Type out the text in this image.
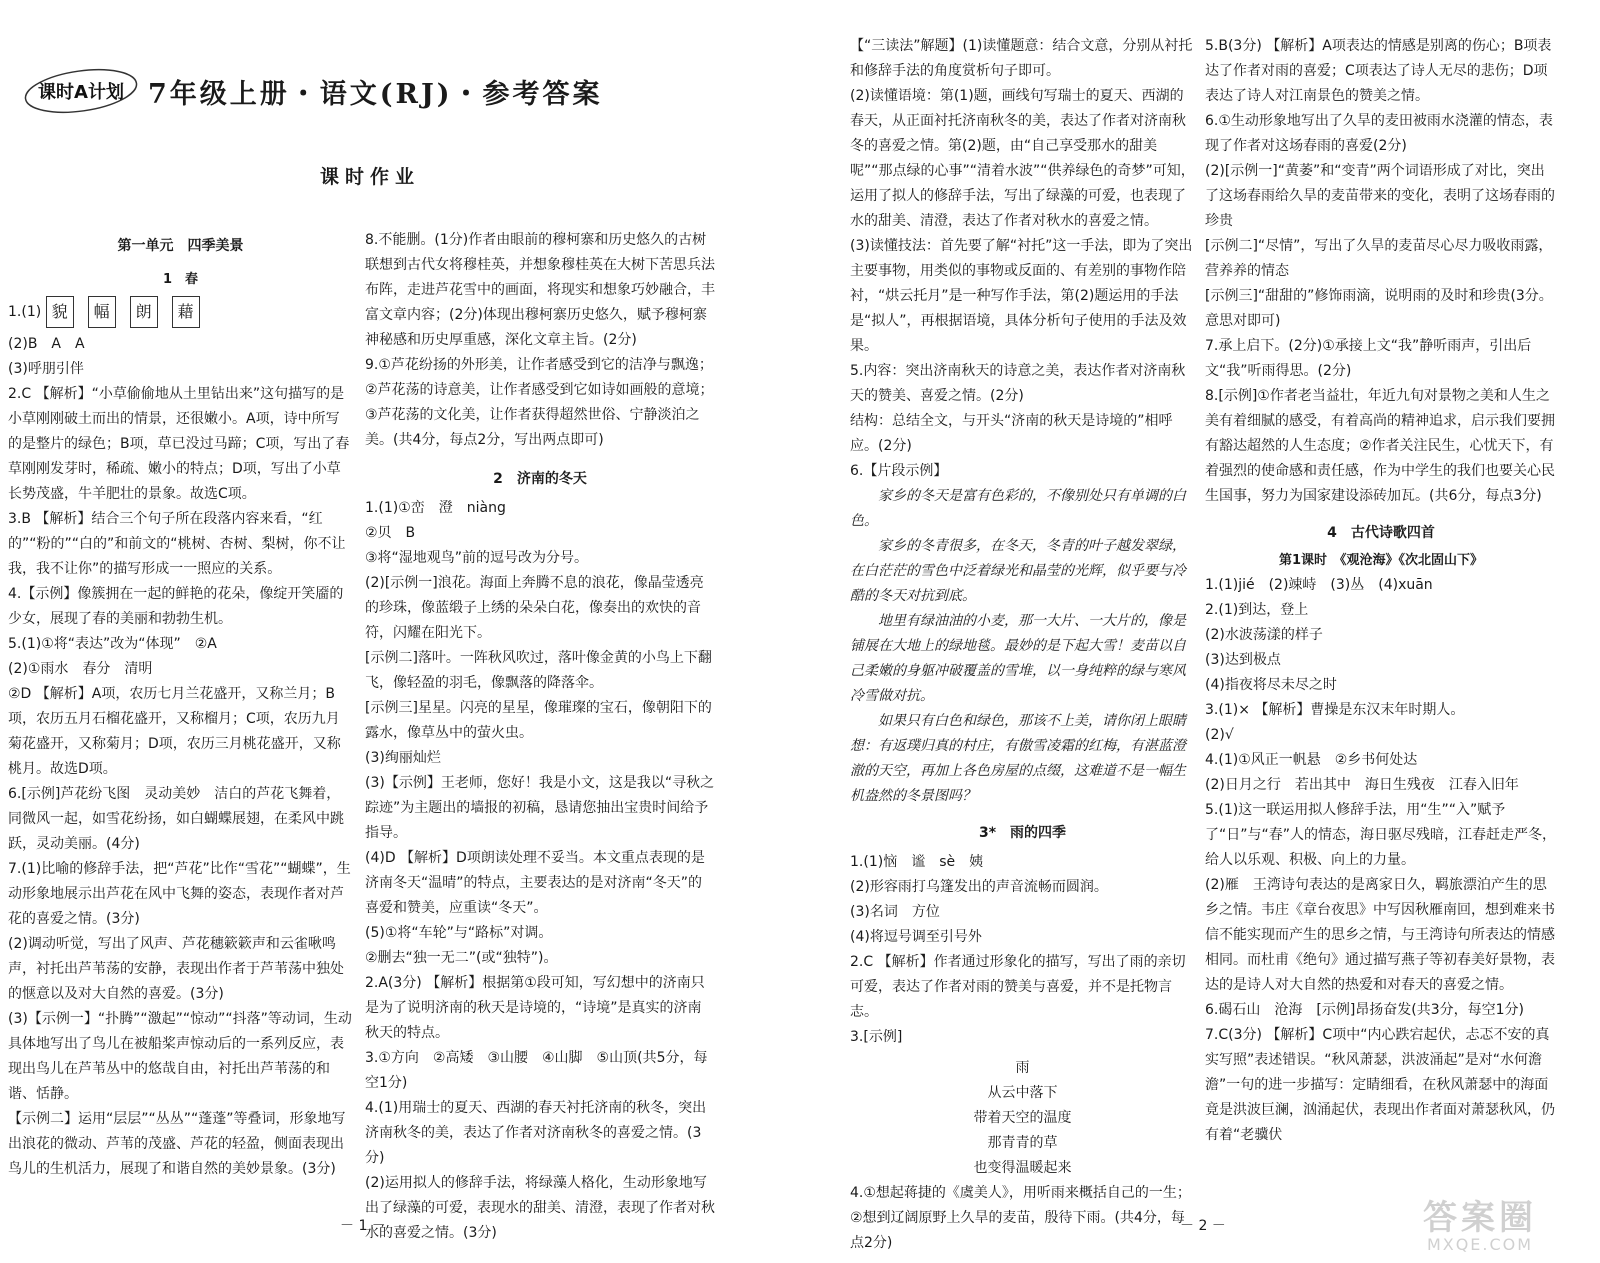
课时A计划 7年级上册・语文(RJ)・参考答案
课时作业

第一单元　四季美景

1　春

1.(1) 貌 幅 朗 藉

(2)B　A　A

(3)呼朋引伴

2.C 【解析】“小草偷偷地从土里钻出来”这句描写的是小草刚刚破土而出的情景，还很嫩小。A项，诗中所写的是整片的绿色；B项，草已没过马蹄；C项，写出了春草刚刚发芽时，稀疏、嫩小的特点；D项，写出了小草长势茂盛，牛羊肥壮的景象。故选C项。

3.B 【解析】结合三个句子所在段落内容来看，“红的”“粉的”“白的”和前文的“桃树、杏树、梨树，你不让我，我不让你”的描写形成一一照应的关系。

4.【示例】像簇拥在一起的鲜艳的花朵，像绽开笑靥的少女，展现了春的美丽和勃勃生机。

5.(1)①将“表达”改为“体现”　②A

(2)①雨水　春分　清明

②D 【解析】A项，农历七月兰花盛开，又称兰月；B项，农历五月石榴花盛开，又称榴月；C项，农历九月菊花盛开，又称菊月；D项，农历三月桃花盛开，又称桃月。故选D项。

6.[示例]芦花纷飞图　灵动美妙　洁白的芦花飞舞着，同微风一起，如雪花纷扬，如白蝴蝶展翅，在柔风中跳跃，灵动美丽。(4分)

7.(1)比喻的修辞手法，把“芦花”比作“雪花”“蝴蝶”，生动形象地展示出芦花在风中飞舞的姿态，表现作者对芦花的喜爱之情。(3分)

(2)调动听觉，写出了风声、芦花穗簌簌声和云雀啾鸣声，衬托出芦苇荡的安静，表现出作者于芦苇荡中独处的惬意以及对大自然的喜爱。(3分)

(3)【示例一】“扑腾”“激起”“惊动”“抖落”等动词，生动具体地写出了鸟儿在被船桨声惊动后的一系列反应，表现出鸟儿在芦苇丛中的悠哉自由，衬托出芦苇荡的和谐、恬静。

【示例二】运用“层层”“丛丛”“蓬蓬”等叠词，形象地写出浪花的微动、芦苇的茂盛、芦花的轻盈，侧面表现出鸟儿的生机活力，展现了和谐自然的美妙景象。(3分)

8.不能删。(1分)作者由眼前的穆柯寨和历史悠久的古树联想到古代女将穆桂英，并想象穆桂英在大树下苦思兵法布阵，走进芦花雪中的画面，将现实和想象巧妙融合，丰富文章内容；(2分)体现出穆柯寨历史悠久，赋予穆柯寨神秘感和历史厚重感，深化文章主旨。(2分)

9.①芦花纷扬的外形美，让作者感受到它的洁净与飘逸；②芦花荡的诗意美，让作者感受到它如诗如画般的意境；③芦花荡的文化美，让作者获得超然世俗、宁静淡泊之美。(共4分，每点2分，写出两点即可)

2　济南的冬天

1.(1)①峦　澄　niàng

②贝　B

③将“湿地观鸟”前的逗号改为分号。

(2)[示例一]浪花。海面上奔腾不息的浪花，像晶莹透亮的珍珠，像蓝缎子上绣的朵朵白花，像奏出的欢快的音符，闪耀在阳光下。

[示例二]落叶。一阵秋风吹过，落叶像金黄的小鸟上下翻飞，像轻盈的羽毛，像飘落的降落伞。

[示例三]星星。闪亮的星星，像璀璨的宝石，像朝阳下的露水，像草丛中的萤火虫。

(3)绚丽灿烂

(3)【示例】王老师，您好！我是小文，这是我以“寻秋之踪迹”为主题出的墙报的初稿，恳请您抽出宝贵时间给予指导。

(4)D 【解析】D项朗读处理不妥当。本文重点表现的是济南冬天“温晴”的特点，主要表达的是对济南“冬天”的喜爱和赞美，应重读“冬天”。

(5)①将“车轮”与“路标”对调。

②删去“独一无二”(或“独特”)。

2.A(3分) 【解析】根据第①段可知，写幻想中的济南只是为了说明济南的秋天是诗境的，“诗境”是真实的济南秋天的特点。

3.①方向　②高矮　③山腰　④山脚　⑤山顶(共5分，每空1分)

4.(1)用瑞士的夏天、西湖的春天衬托济南的秋冬，突出济南秋冬的美，表达了作者对济南秋冬的喜爱之情。(3分)

(2)运用拟人的修辞手法，将绿藻人格化，生动形象地写出了绿藻的可爱，表现水的甜美、清澄，表现了作者对秋水的喜爱之情。(3分)

－ 1 －

【“三读法”解题】(1)读懂题意：结合文意，分别从衬托和修辞手法的角度赏析句子即可。

(2)读懂语境：第(1)题，画线句写瑞士的夏天、西湖的春天，从正面衬托济南秋冬的美，表达了作者对济南秋冬的喜爱之情。第(2)题，由“自己享受那水的甜美呢”“那点绿的心事”“清着水波”“供养绿色的奇梦”可知，运用了拟人的修辞手法，写出了绿藻的可爱，也表现了水的甜美、清澄，表达了作者对秋水的喜爱之情。

(3)读懂技法：首先要了解“衬托”这一手法，即为了突出主要事物，用类似的事物或反面的、有差别的事物作陪衬，“烘云托月”是一种写作手法，第(2)题运用的手法是“拟人”，再根据语境，具体分析句子使用的手法及效果。

5.内容：突出济南秋天的诗意之美，表达作者对济南秋天的赞美、喜爱之情。(2分)

结构：总结全文，与开头“济南的秋天是诗境的”相呼应。(2分)

6.【片段示例】

家乡的冬天是富有色彩的，不像别处只有单调的白色。

家乡的冬青很多，在冬天，冬青的叶子越发翠绿，在白茫茫的雪色中泛着绿光和晶莹的光辉，似乎要与冷酷的冬天对抗到底。

地里有绿油油的小麦，那一大片、一大片的，像是铺展在大地上的绿地毯。最妙的是下起大雪！麦苗以自己柔嫩的身躯冲破覆盖的雪堆，以一身纯粹的绿与寒风冷雪做对抗。

如果只有白色和绿色，那该不上美，请你闭上眼睛想：有返璞归真的村庄，有傲雪凌霜的红梅，有湛蓝澄澈的天空，再加上各色房屋的点缀，这难道不是一幅生机盎然的冬景图吗？

3*　雨的四季

1.(1)恼　谧　sè　姨

(2)形容雨打乌篷发出的声音流畅而圆润。

(3)名词　方位

(4)将逗号调至引号外

2.C 【解析】作者通过形象化的描写，写出了雨的亲切可爱，表达了作者对雨的赞美与喜爱，并不是托物言志。

3.[示例]

雨

从云中落下

带着天空的温度

那青青的草

也变得温暖起来

4.①想起蒋捷的《虞美人》，用听雨来概括自己的一生；②想到辽阔原野上久旱的麦苗，殷待下雨。(共4分，每点2分)

5.B(3分) 【解析】A项表达的情感是别离的伤心；B项表达了作者对雨的喜爱；C项表达了诗人无尽的悲伤；D项表达了诗人对江南景色的赞美之情。

6.①生动形象地写出了久旱的麦田被雨水浇灌的情态，表现了作者对这场春雨的喜爱(2分)

(2)[示例一]“黄萎”和“变青”两个词语形成了对比，突出了这场春雨给久旱的麦苗带来的变化，表明了这场春雨的珍贵

[示例二]“尽情”，写出了久旱的麦苗尽心尽力吸收雨露，营养养的情态

[示例三]“甜甜的”修饰雨滴，说明雨的及时和珍贵(3分。意思对即可)

7.承上启下。(2分)①承接上文“我”静听雨声，引出后文“我”听雨得思。(2分)

8.[示例]①作者老当益壮，年近九旬对景物之美和人生之美有着细腻的感受，有着高尚的精神追求，启示我们要拥有豁达超然的人生态度；②作者关注民生，心忧天下，有着强烈的使命感和责任感，作为中学生的我们也要关心民生国事，努力为国家建设添砖加瓦。(共6分，每点3分)

4　古代诗歌四首

第1课时　《观沧海》《次北固山下》

1.(1)jié　(2)竦峙　(3)丛　(4)xuān

2.(1)到达，登上

(2)水波荡漾的样子

(3)达到极点

(4)指夜将尽未尽之时

3.(1)× 【解析】曹操是东汉末年时期人。

(2)√

4.(1)①风正一帆悬　②乡书何处达

(2)日月之行　若出其中　海日生残夜　江春入旧年

5.(1)这一联运用拟人修辞手法，用“生”“入”赋予了“日”与“春”人的情态，海日驱尽残暗，江春赶走严冬，给人以乐观、积极、向上的力量。

(2)雁　王湾诗句表达的是离家日久，羁旅漂泊产生的思乡之情。韦庄《章台夜思》中写因秋雁南回，想到难来书信不能实现而产生的思乡之情，与王湾诗句所表达的情感相同。而杜甫《绝句》通过描写燕子等初春美好景物，表达的是诗人对大自然的热爱和对春天的喜爱之情。

6.碣石山　沧海　[示例]昂扬奋发(共3分，每空1分)

7.C(3分) 【解析】C项中“内心跌宕起伏，忐忑不安的真实写照”表述错误。“秋风萧瑟，洪波涌起”是对“水何澹澹”一句的进一步描写：定睛细看，在秋风萧瑟中的海面竟是洪波巨澜，汹涌起伏，表现出作者面对萧瑟秋风，仍有着“老骥伏

－ 2 －	答案圈
MXQE.COM
